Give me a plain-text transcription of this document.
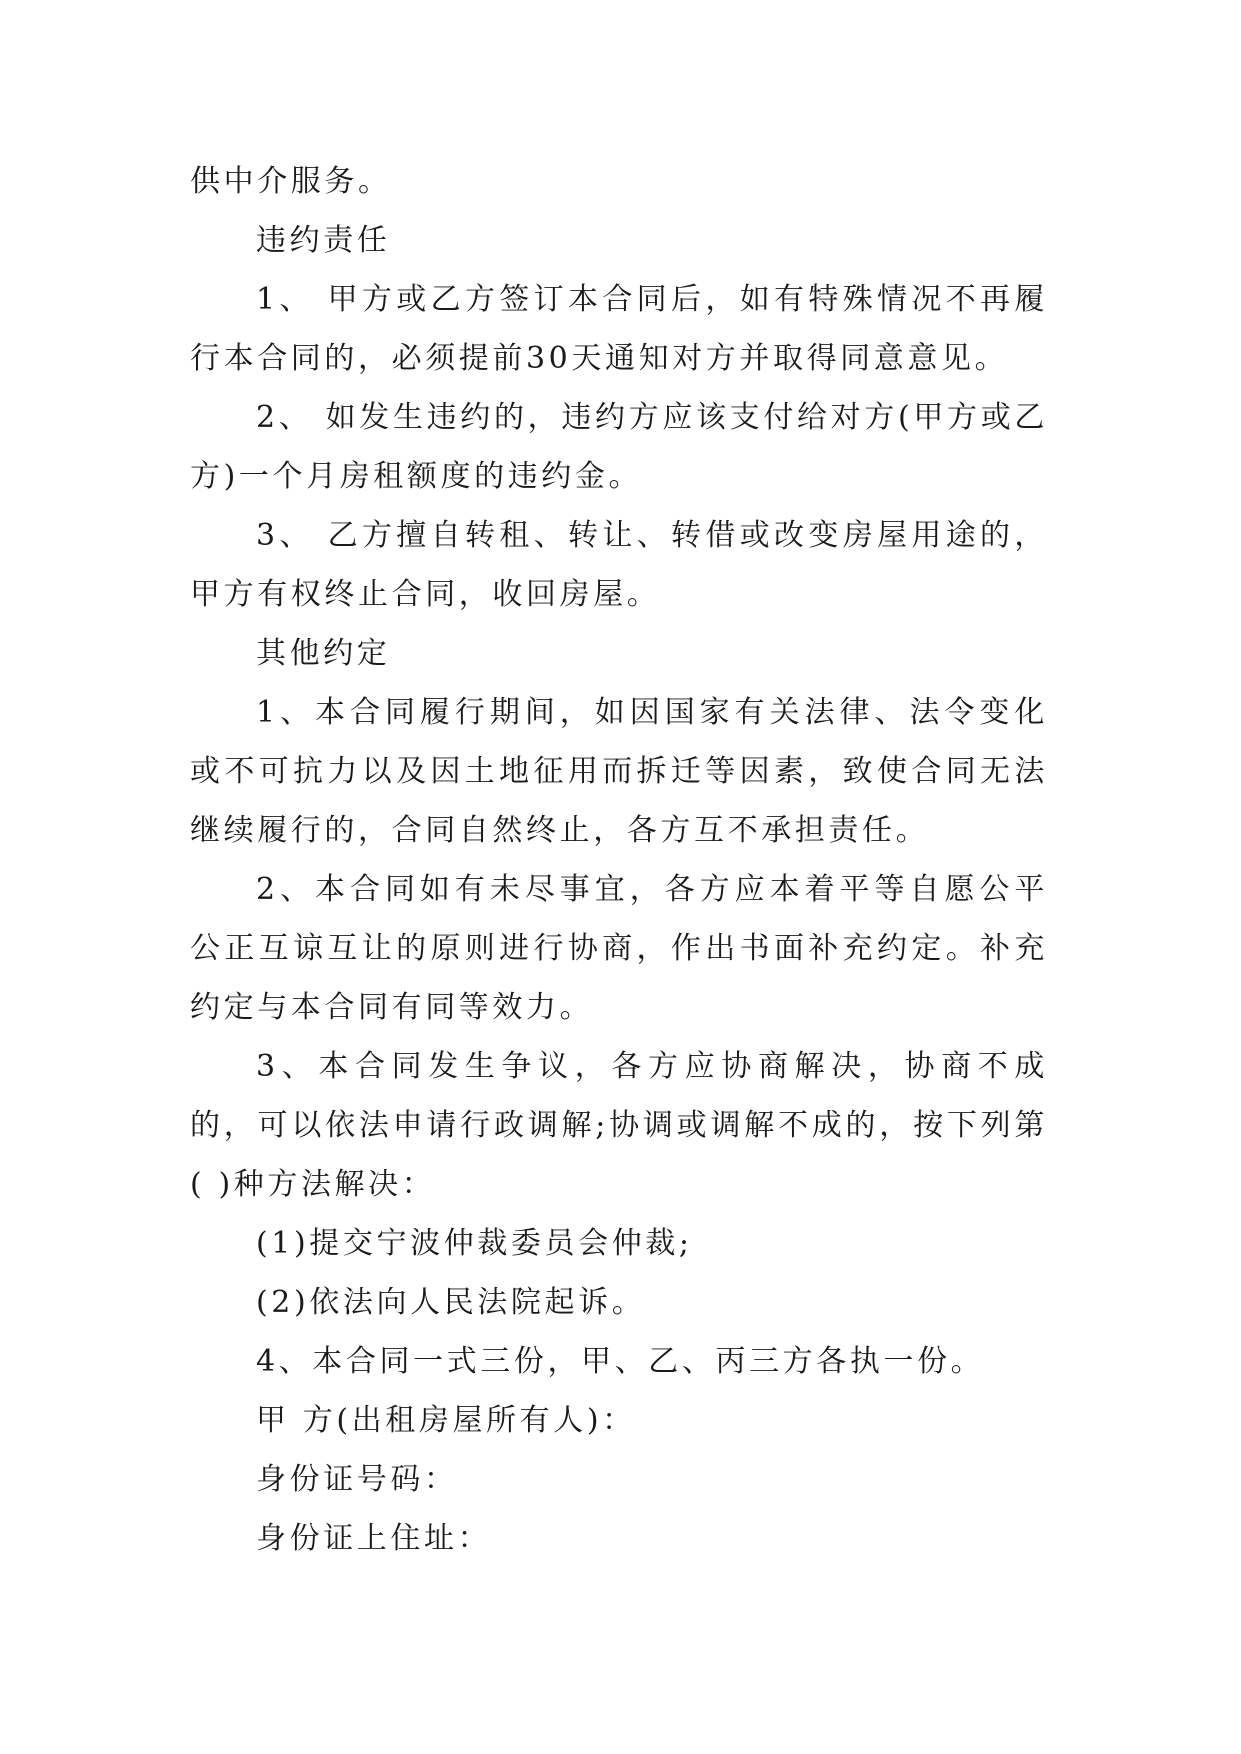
供中介服务。

违约责任

1、 甲方或乙方签订本合同后，如有特殊情况不再履行本合同的，必须提前30天通知对方并取得同意意见。

2、 如发生违约的，违约方应该支付给对方(甲方或乙方)一个月房租额度的违约金。

3、 乙方擅自转租、转让、转借或改变房屋用途的，甲方有权终止合同，收回房屋。

其他约定

1、本合同履行期间，如因国家有关法律、法令变化或不可抗力以及因土地征用而拆迁等因素，致使合同无法继续履行的，合同自然终止，各方互不承担责任。

2、本合同如有未尽事宜，各方应本着平等自愿公平公正互谅互让的原则进行协商，作出书面补充约定。补充约定与本合同有同等效力。

3、本合同发生争议，各方应协商解决，协商不成的，可以依法申请行政调解;协调或调解不成的，按下列第( )种方法解决：

(1)提交宁波仲裁委员会仲裁;

(2)依法向人民法院起诉。

4、本合同一式三份，甲、乙、丙三方各执一份。

甲 方(出租房屋所有人)：

身份证号码：

身份证上住址：
